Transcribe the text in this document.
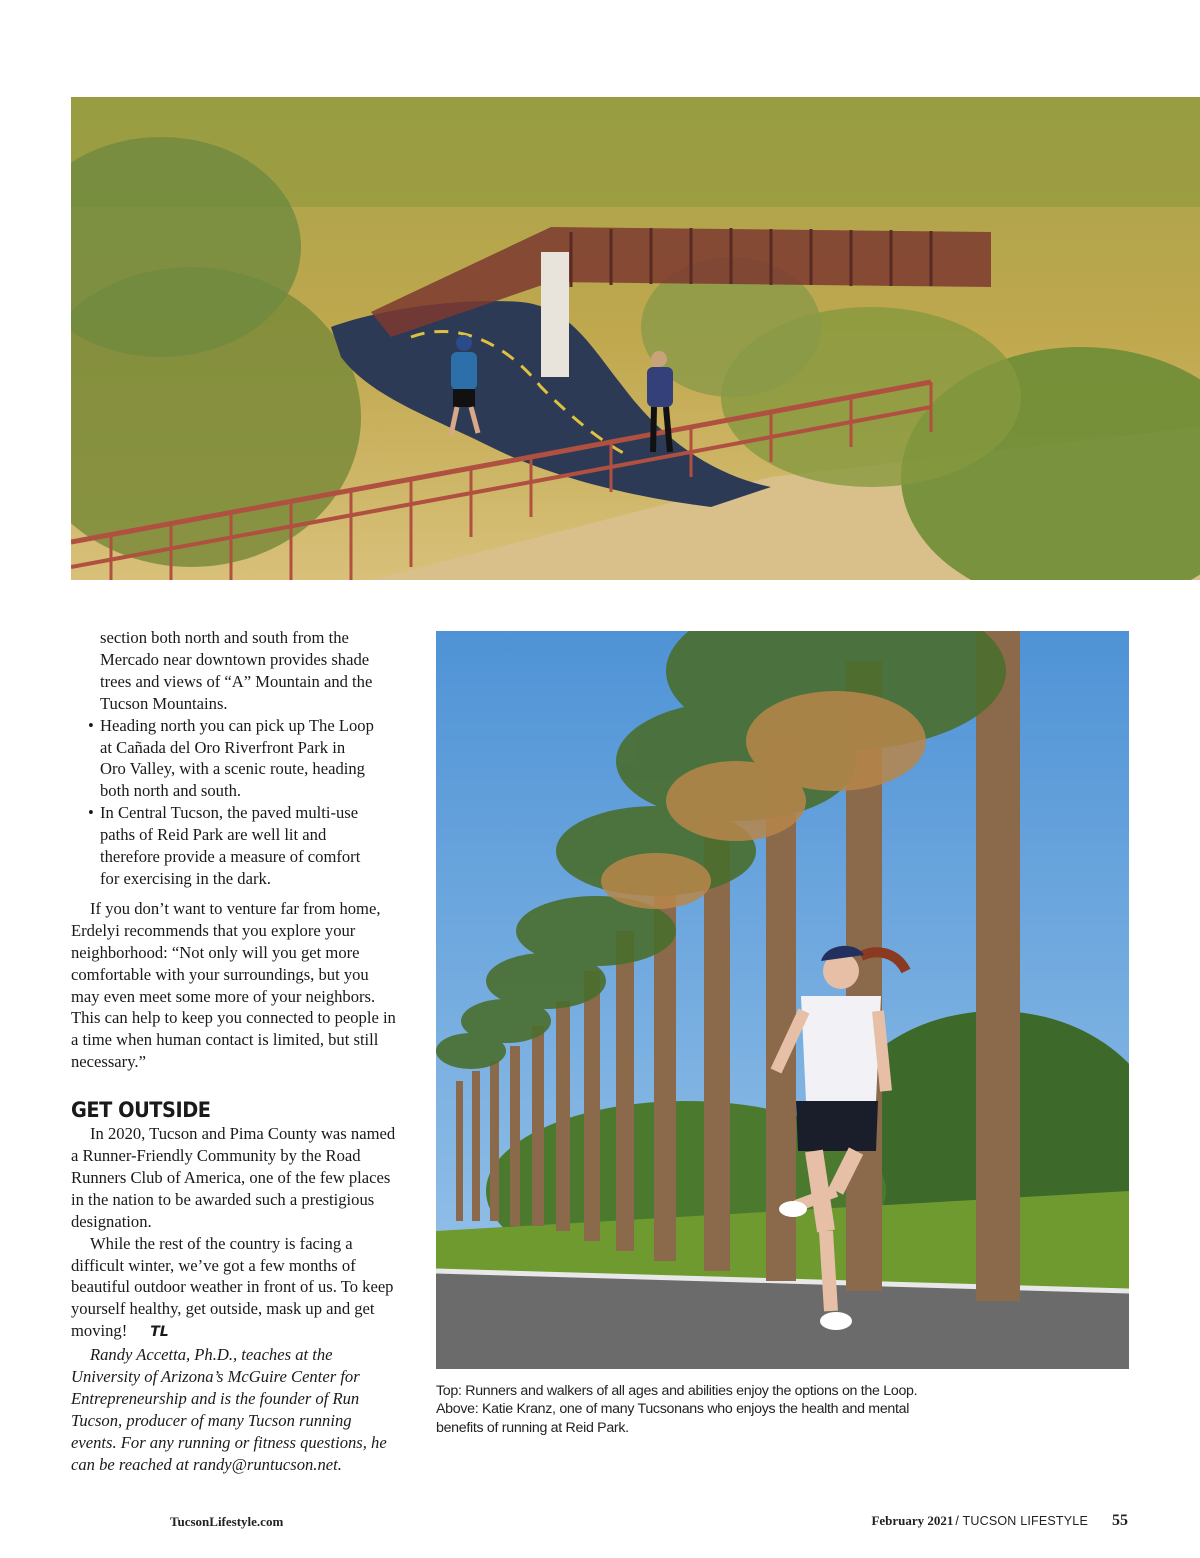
section both north and south from the
Mercado near downtown provides shade
trees and views of “A” Mountain and the
Tucson Mountains.
• Heading north you can pick up The Loop
at Cañada del Oro Riverfront Park in
Oro Valley, with a scenic route, heading
both north and south.
• In Central Tucson, the paved multi-use
paths of Reid Park are well lit and
therefore provide a measure of comfort
for exercising in the dark.

If you don’t want to venture far from home, Erdelyi recommends that you explore your neighborhood: “Not only will you get more comfortable with your surroundings, but you may even meet some more of your neighbors. This can help to keep you connected to people in a time when human contact is limited, but still necessary.”

GET OUTSIDE

In 2020, Tucson and Pima County was named a Runner-Friendly Community by the Road Runners Club of America, one of the few places in the nation to be awarded such a prestigious designation.

While the rest of the country is facing a difficult winter, we’ve got a few months of beautiful outdoor weather in front of us. To keep yourself healthy, get outside, mask up and get moving! TL

Randy Accetta, Ph.D., teaches at the University of Arizona’s McGuire Center for Entrepreneurship and is the founder of Run Tucson, producer of many Tucson running events. For any running or fitness questions, he can be reached at randy@runtucson.net.

Top: Runners and walkers of all ages and abilities enjoy the options on the Loop.
Above: Katie Kranz, one of many Tucsonans who enjoys the health and mental
benefits of running at Reid Park.
TucsonLifestyle.com	February 2021 / TUCSON LIFESTYLE 55
